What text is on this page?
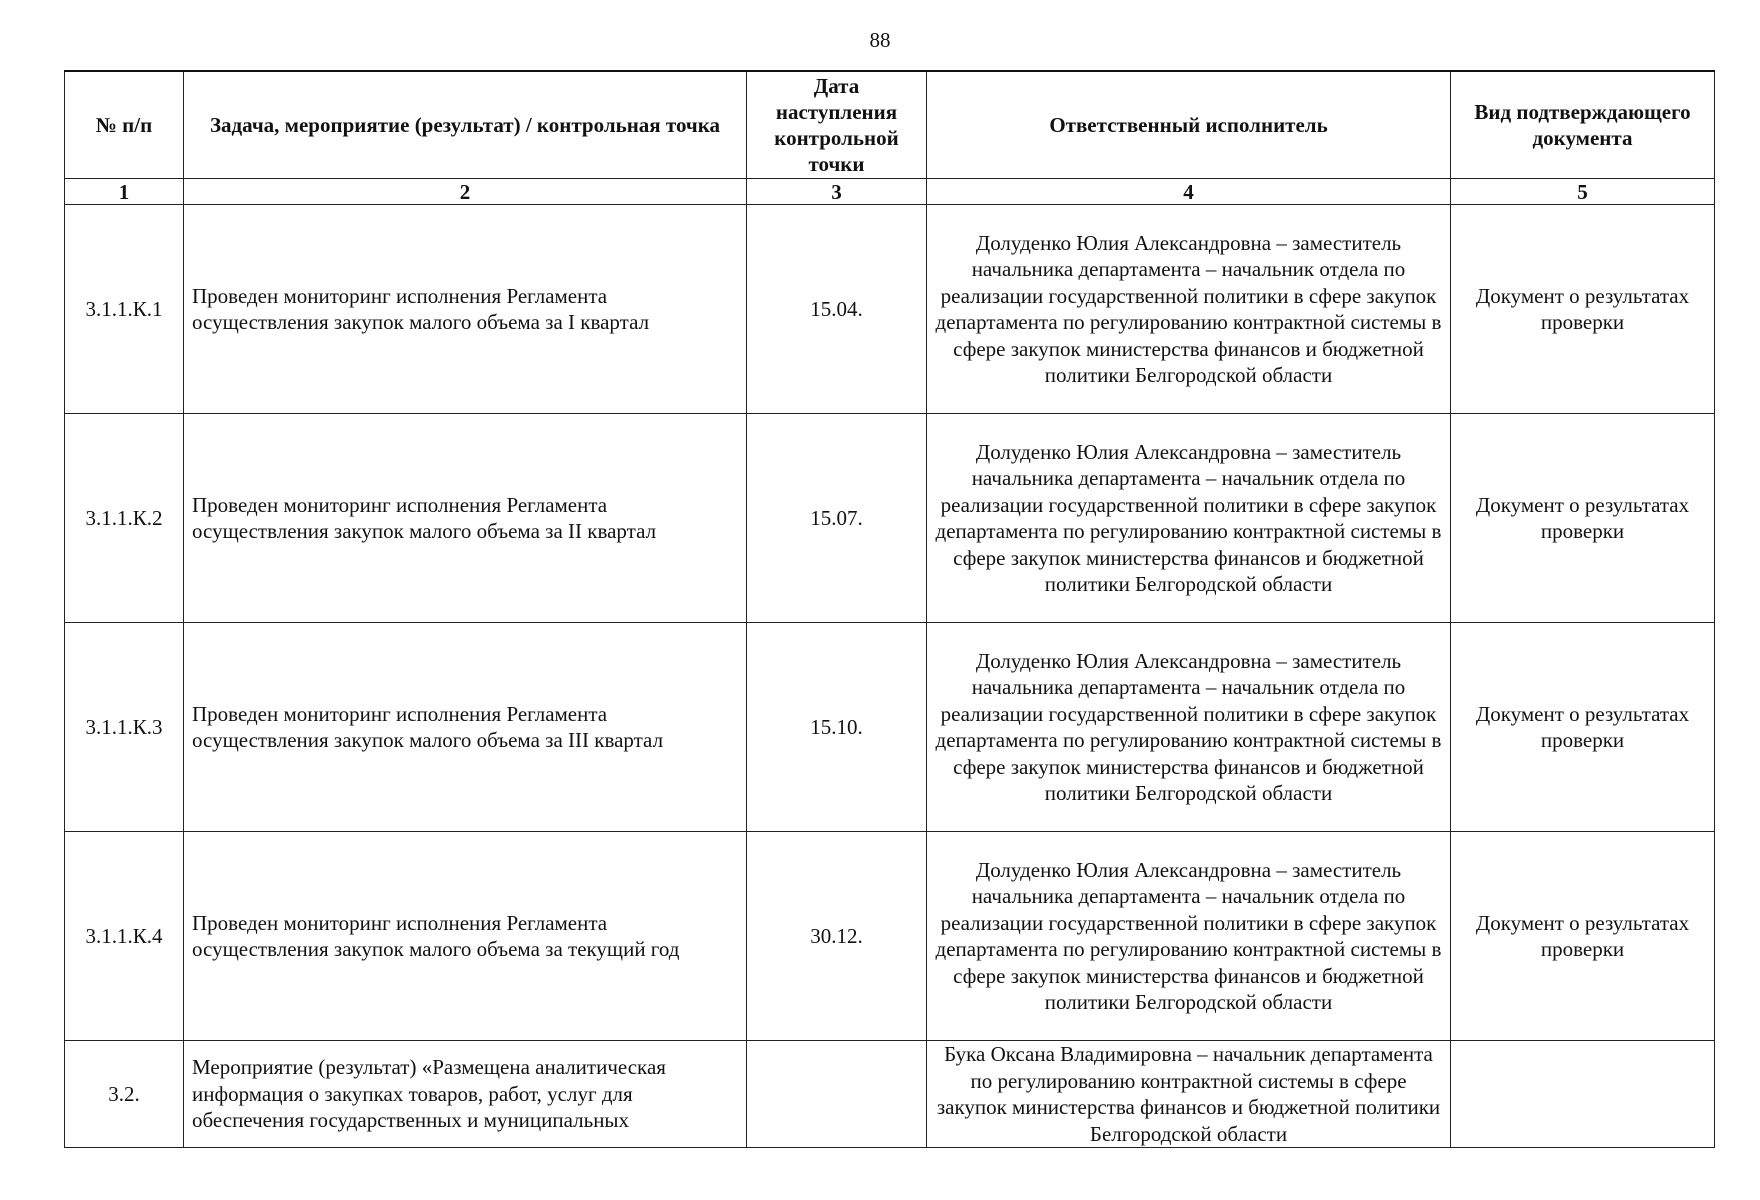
88
№ п/п	Задача, мероприятие (результат) / контрольная точка	Дата наступления контрольной точки	Ответственный исполнитель	Вид подтверждающего документа
1	2	3	4	5
3.1.1.К.1	Проведен мониторинг исполнения Регламента осуществления закупок малого объема за I квартал	15.04.	Долуденко Юлия Александровна – заместитель начальника департамента – начальник отдела по реализации государственной политики в сфере закупок департамента по регулированию контрактной системы в сфере закупок министерства финансов и бюджетной политики Белгородской области	Документ о результатах проверки
3.1.1.К.2	Проведен мониторинг исполнения Регламента осуществления закупок малого объема за II квартал	15.07.	Долуденко Юлия Александровна – заместитель начальника департамента – начальник отдела по реализации государственной политики в сфере закупок департамента по регулированию контрактной системы в сфере закупок министерства финансов и бюджетной политики Белгородской области	Документ о результатах проверки
3.1.1.К.3	Проведен мониторинг исполнения Регламента осуществления закупок малого объема за III квартал	15.10.	Долуденко Юлия Александровна – заместитель начальника департамента – начальник отдела по реализации государственной политики в сфере закупок департамента по регулированию контрактной системы в сфере закупок министерства финансов и бюджетной политики Белгородской области	Документ о результатах проверки
3.1.1.К.4	Проведен мониторинг исполнения Регламента осуществления закупок малого объема за текущий год	30.12.	Долуденко Юлия Александровна – заместитель начальника департамента – начальник отдела по реализации государственной политики в сфере закупок департамента по регулированию контрактной системы в сфере закупок министерства финансов и бюджетной политики Белгородской области	Документ о результатах проверки
3.2.	Мероприятие (результат) «Размещена аналитическая информация о закупках товаров, работ, услуг для обеспечения государственных и муниципальных		Бука Оксана Владимировна – начальник департамента по регулированию контрактной системы в сфере закупок министерства финансов и бюджетной политики Белгородской области	
